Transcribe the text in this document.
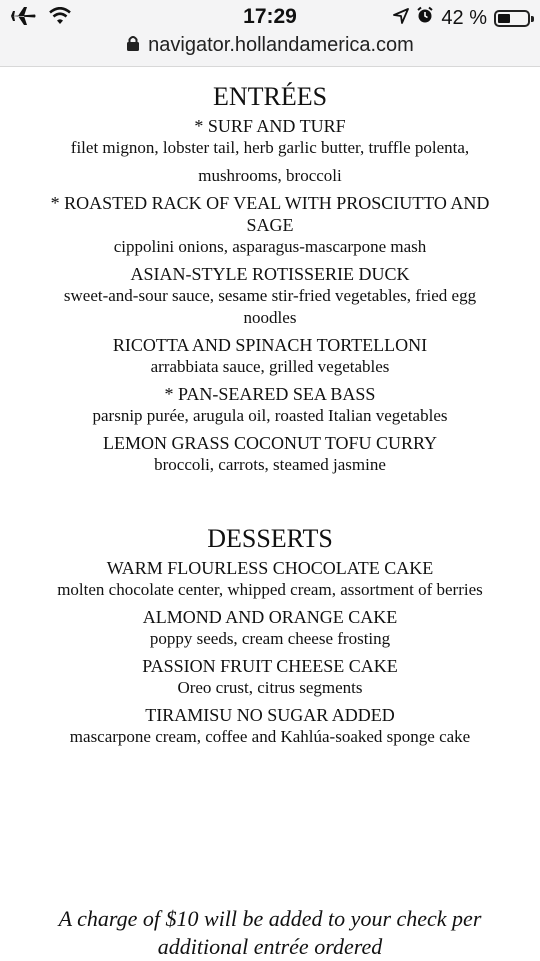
17:29	42 %
navigator.hollandamerica.com
ENTRÉES
* SURF AND TURF
filet mignon, lobster tail, herb garlic butter, truffle polenta,
mushrooms, broccoli
* ROASTED RACK OF VEAL WITH PROSCIUTTO AND SAGE
cippolini onions, asparagus-mascarpone mash
ASIAN-STYLE ROTISSERIE DUCK
sweet-and-sour sauce, sesame stir-fried vegetables, fried egg noodles
RICOTTA AND SPINACH TORTELLONI
arrabbiata sauce, grilled vegetables
* PAN-SEARED SEA BASS
parsnip purée, arugula oil, roasted Italian vegetables
LEMON GRASS COCONUT TOFU CURRY
broccoli, carrots, steamed jasmine
DESSERTS
WARM FLOURLESS CHOCOLATE CAKE
molten chocolate center, whipped cream, assortment of berries
ALMOND AND ORANGE CAKE
poppy seeds, cream cheese frosting
PASSION FRUIT CHEESE CAKE
Oreo crust, citrus segments
TIRAMISU NO SUGAR ADDED
mascarpone cream, coffee and Kahlúa-soaked sponge cake
A charge of $10 will be added to your check per additional entrée ordered
